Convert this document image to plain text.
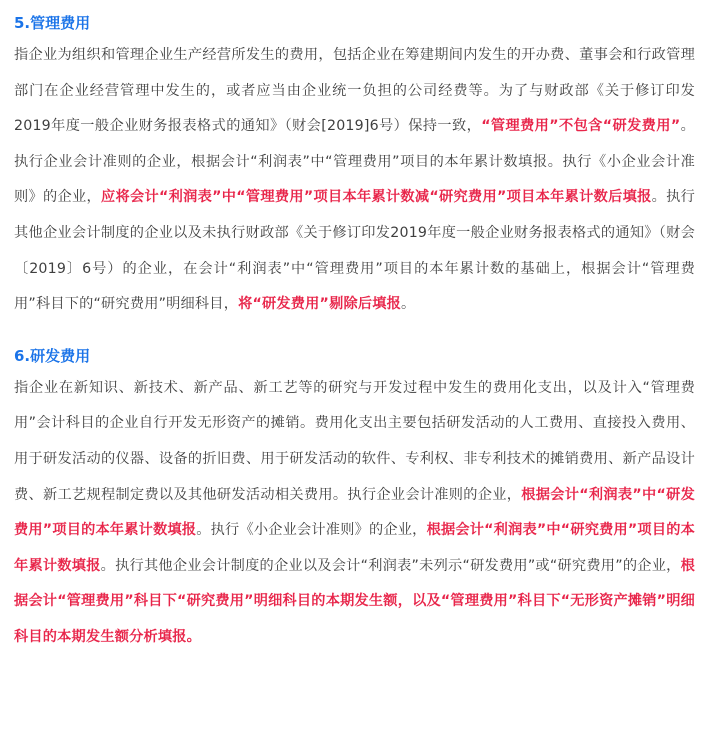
5.管理费用

指企业为组织和管理企业生产经营所发生的费用，包括企业在筹建期间内发生的开办费、董事会和行政管理部门在企业经营管理中发生的，或者应当由企业统一负担的公司经费等。为了与财政部《关于修订印发2019年度一般企业财务报表格式的通知》（财会[2019]6号）保持一致，“管理费用”不包含“研发费用”。执行企业会计准则的企业，根据会计“利润表”中“管理费用”项目的本年累计数填报。执行《小企业会计准则》的企业，应将会计“利润表”中“管理费用”项目本年累计数减“研究费用”项目本年累计数后填报。执行其他企业会计制度的企业以及未执行财政部《关于修订印发2019年度一般企业财务报表格式的通知》（财会〔2019〕6号）的企业，在会计“利润表”中“管理费用”项目的本年累计数的基础上，根据会计“管理费用”科目下的“研究费用”明细科目，将“研发费用”剔除后填报。

6.研发费用

指企业在新知识、新技术、新产品、新工艺等的研究与开发过程中发生的费用化支出，以及计入“管理费用”会计科目的企业自行开发无形资产的摊销。费用化支出主要包括研发活动的人工费用、直接投入费用、用于研发活动的仪器、设备的折旧费、用于研发活动的软件、专利权、非专利技术的摊销费用、新产品设计费、新工艺规程制定费以及其他研发活动相关费用。执行企业会计准则的企业，根据会计“利润表”中“研发费用”项目的本年累计数填报。执行《小企业会计准则》的企业，根据会计“利润表”中“研究费用”项目的本年累计数填报。执行其他企业会计制度的企业以及会计“利润表”未列示“研发费用”或“研究费用”的企业，根据会计“管理费用”科目下“研究费用”明细科目的本期发生额，以及“管理费用”科目下“无形资产摊销”明细科目的本期发生额分析填报。
